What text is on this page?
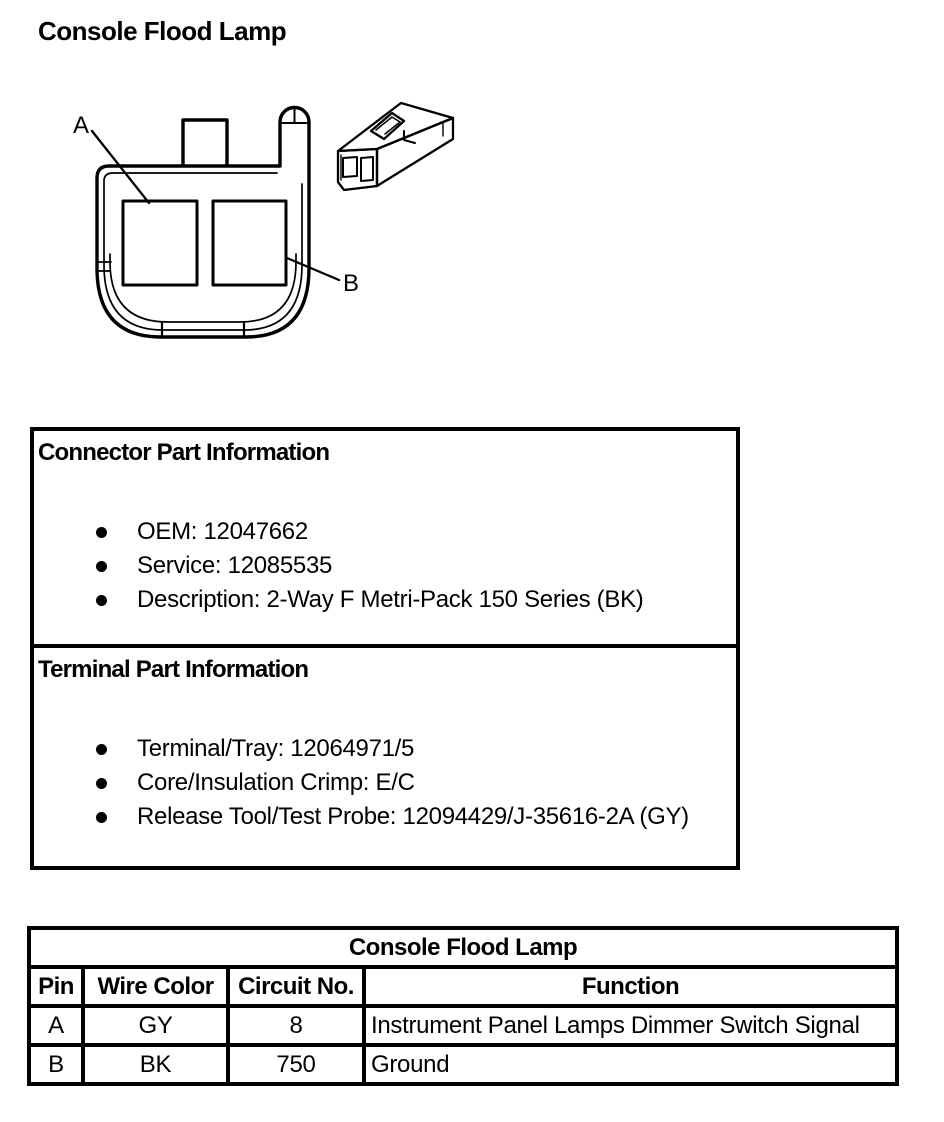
Console Flood Lamp
A
B
Connector Part Information
OEM: 12047662
Service: 12085535
Description: 2-Way F Metri-Pack 150 Series (BK)
Terminal Part Information
Terminal/Tray: 12064971/5
Core/Insulation Crimp: E/C
Release Tool/Test Probe: 12094429/J-35616-2A (GY)
Console Flood Lamp			
Pin	Wire Color	Circuit No.	Function
A	GY	8	Instrument Panel Lamps Dimmer Switch Signal
B	BK	750	Ground
